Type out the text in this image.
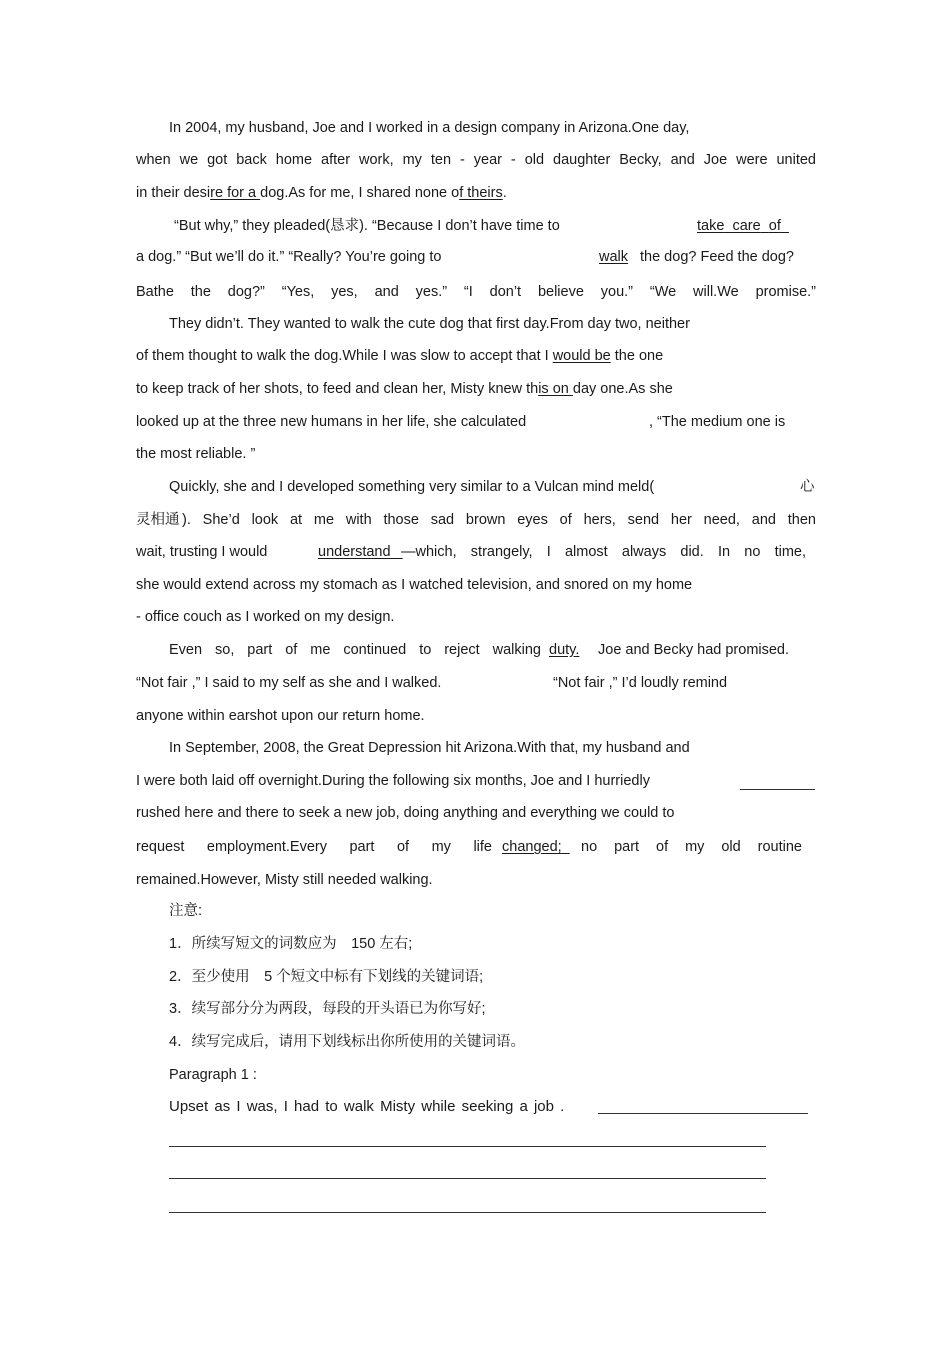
In 2004, my husband, Joe and I worked in a design company in Arizona.One day,
when we got back home after work, my ten - year - old daughter Becky, and Joe were united
in their desire for a dog.As for me, I shared none of theirs.
“But why,” they pleaded(恳求). “Because I don’t have time to	take care of
a dog.” “But we’ll do it.” “Really? You’re going to	walk the dog? Feed the dog?
Bathe the dog?” “Yes, yes, and yes.” “I don’t believe you.” “We will.We promise.”
They didn’t. They wanted to walk the cute dog that first day.From day two, neither
of them thought to walk the dog.While I was slow to accept that I would be the one
to keep track of her shots, to feed and clean her, Misty knew this on day one.As she
looked up at the three new humans in her life, she calculated	, “The medium one is
the most reliable. ”
Quickly, she and I developed something very similar to a Vulcan mind meld(	心
灵相通 ). She’d look at me with those sad brown eyes of hers, send her need, and then
wait, trusting I would	understand —which, strangely, I almost always did. In no time,
she would extend across my stomach as I watched television, and snored on my home
- office couch as I worked on my design.
Even so, part of me continued to reject walking duty. Joe and Becky had promised.
“Not fair ,” I said to my self as she and I walked.	“Not fair ,” I’d loudly remind
anyone within earshot upon our return home.
In September, 2008, the Great Depression hit Arizona.With that, my husband and
I were both laid off overnight.During the following six months, Joe and I hurriedly
rushed here and there to seek a new job, doing anything and everything we could to
request employment.Every part of my life changed;	no part of my old routine
remained.However, Misty still needed walking.
注意:
1．所续写短文的词数应为　150 左右;
2．至少使用　5 个短文中标有下划线的关键词语;
3．续写部分分为两段，每段的开头语已为你写好;
4．续写完成后，请用下划线标出你所使用的关键词语。
Paragraph 1 :
Upset as I was, I had to walk Misty while seeking a job .
